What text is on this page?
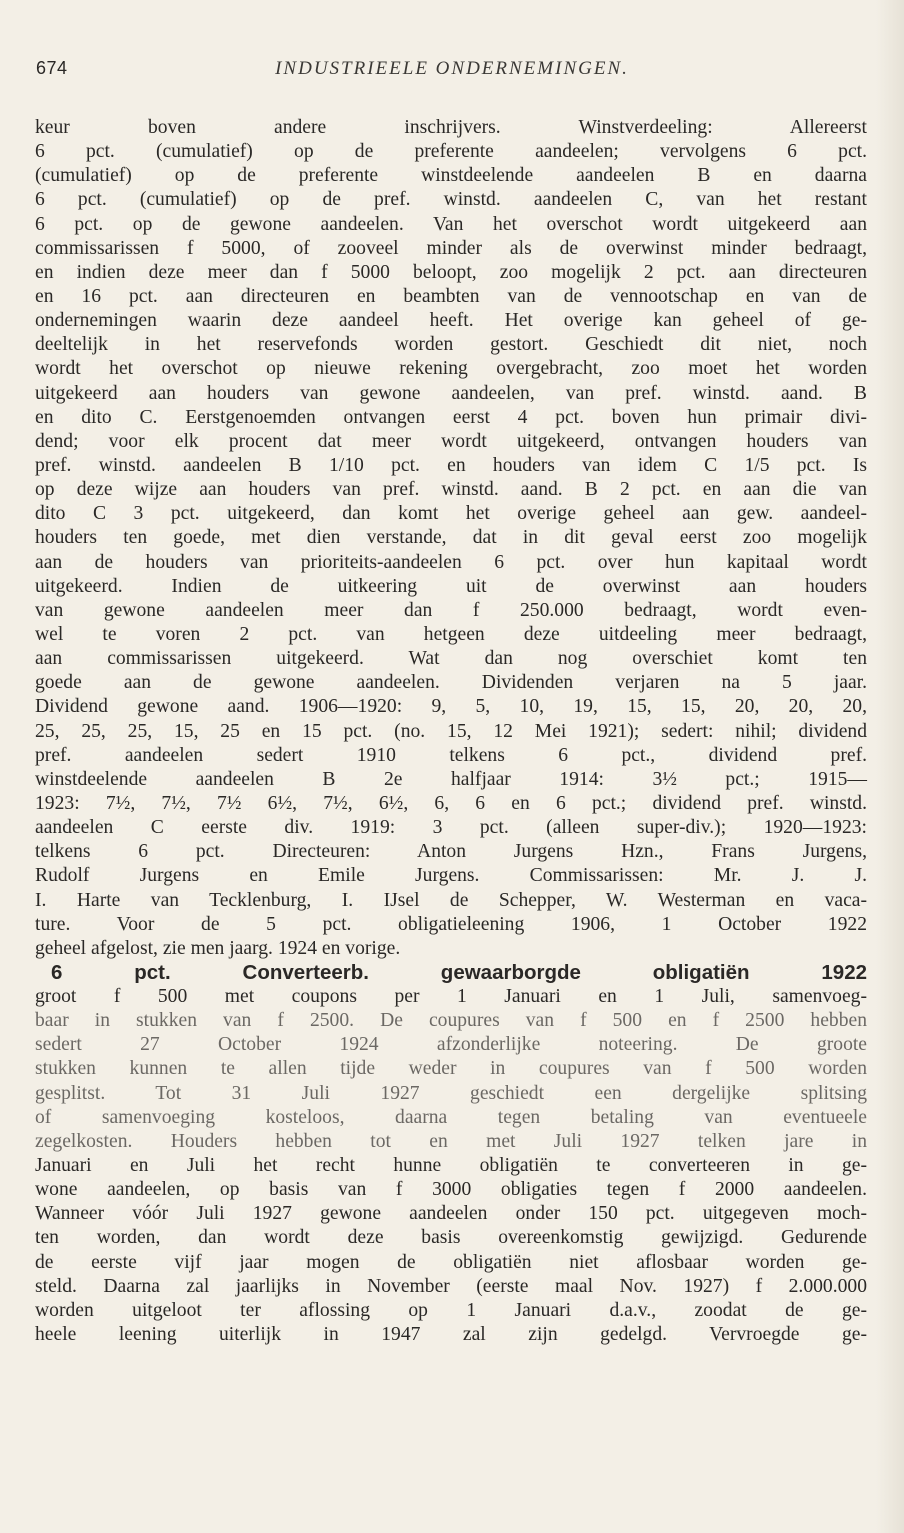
674	INDUSTRIEELE ONDERNEMINGEN.
keur boven andere inschrijvers. Winstverdeeling: Allereerst
6 pct. (cumulatief) op de preferente aandeelen; vervolgens 6 pct.
(cumulatief) op de preferente winstdeelende aandeelen B en daarna
6 pct. (cumulatief) op de pref. winstd. aandeelen C, van het restant
6 pct. op de gewone aandeelen. Van het overschot wordt uitgekeerd aan
commissarissen f 5000, of zooveel minder als de overwinst minder bedraagt,
en indien deze meer dan f 5000 beloopt, zoo mogelijk 2 pct. aan directeuren
en 16 pct. aan directeuren en beambten van de vennootschap en van de
ondernemingen waarin deze aandeel heeft. Het overige kan geheel of ge-
deeltelijk in het reservefonds worden gestort. Geschiedt dit niet, noch
wordt het overschot op nieuwe rekening overgebracht, zoo moet het worden
uitgekeerd aan houders van gewone aandeelen, van pref. winstd. aand. B
en dito C. Eerstgenoemden ontvangen eerst 4 pct. boven hun primair divi-
dend; voor elk procent dat meer wordt uitgekeerd, ontvangen houders van
pref. winstd. aandeelen B 1/10 pct. en houders van idem C 1/5 pct. Is
op deze wijze aan houders van pref. winstd. aand. B 2 pct. en aan die van
dito C 3 pct. uitgekeerd, dan komt het overige geheel aan gew. aandeel-
houders ten goede, met dien verstande, dat in dit geval eerst zoo mogelijk
aan de houders van prioriteits-aandeelen 6 pct. over hun kapitaal wordt
uitgekeerd. Indien de uitkeering uit de overwinst aan houders
van gewone aandeelen meer dan f 250.000 bedraagt, wordt even-
wel te voren 2 pct. van hetgeen deze uitdeeling meer bedraagt,
aan commissarissen uitgekeerd. Wat dan nog overschiet komt ten
goede aan de gewone aandeelen. Dividenden verjaren na 5 jaar.
Dividend gewone aand. 1906—1920: 9, 5, 10, 19, 15, 15, 20, 20, 20,
25, 25, 25, 15, 25 en 15 pct. (no. 15, 12 Mei 1921); sedert: nihil; dividend
pref. aandeelen sedert 1910 telkens 6 pct., dividend pref.
winstdeelende aandeelen B 2e halfjaar 1914: 3½ pct.; 1915—
1923: 7½, 7½, 7½ 6½, 7½, 6½, 6, 6 en 6 pct.; dividend pref. winstd.
aandeelen C eerste div. 1919: 3 pct. (alleen super-div.); 1920—1923:
telkens 6 pct. Directeuren: Anton Jurgens Hzn., Frans Jurgens,
Rudolf Jurgens en Emile Jurgens. Commissarissen: Mr. J. J.
I. Harte van Tecklenburg, I. IJsel de Schepper, W. Westerman en vaca-
ture. Voor de 5 pct. obligatieleening 1906, 1 October 1922
geheel afgelost, zie men jaarg. 1924 en vorige.
6 pct. Converteerb. gewaarborgde obligatiën 1922
groot f 500 met coupons per 1 Januari en 1 Juli, samenvoeg-
baar in stukken van f 2500. De coupures van f 500 en f 2500 hebben
sedert 27 October 1924 afzonderlijke noteering. De groote
stukken kunnen te allen tijde weder in coupures van f 500 worden
gesplitst. Tot 31 Juli 1927 geschiedt een dergelijke splitsing
of samenvoeging kosteloos, daarna tegen betaling van eventueele
zegelkosten. Houders hebben tot en met Juli 1927 telken jare in
Januari en Juli het recht hunne obligatiën te converteeren in ge-
wone aandeelen, op basis van f 3000 obligaties tegen f 2000 aandeelen.
Wanneer vóór Juli 1927 gewone aandeelen onder 150 pct. uitgegeven moch-
ten worden, dan wordt deze basis overeenkomstig gewijzigd. Gedurende
de eerste vijf jaar mogen de obligatiën niet aflosbaar worden ge-
steld. Daarna zal jaarlijks in November (eerste maal Nov. 1927) f 2.000.000
worden uitgeloot ter aflossing op 1 Januari d.a.v., zoodat de ge-
heele leening uiterlijk in 1947 zal zijn gedelgd. Vervroegde ge-
